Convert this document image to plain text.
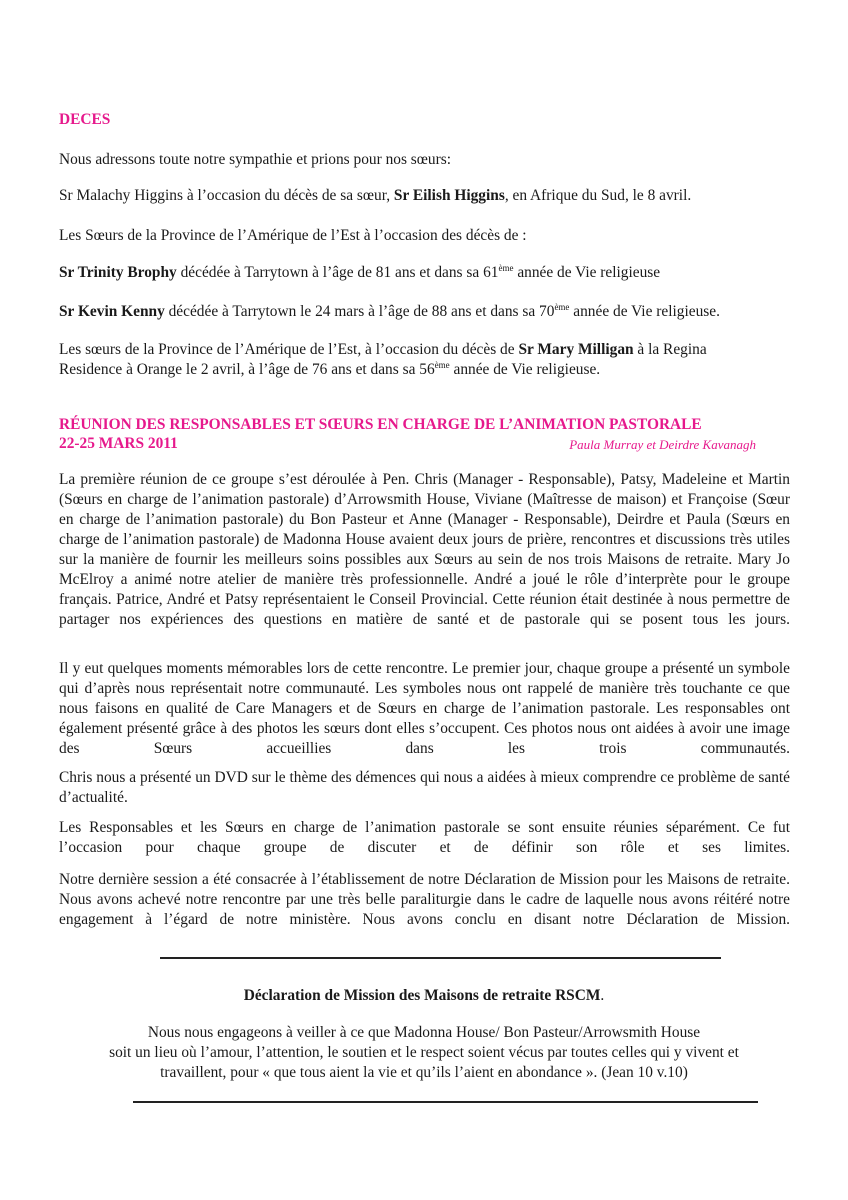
DECES
Nous adressons toute notre sympathie et prions pour nos sœurs:
Sr Malachy Higgins à l’occasion du décès de sa sœur, Sr Eilish Higgins, en Afrique du Sud, le 8 avril.
Les Sœurs de la Province de l’Amérique de l’Est à l’occasion des décès de :
Sr Trinity Brophy décédée à Tarrytown à l’âge de 81 ans et dans sa 61ème année de Vie religieuse
Sr Kevin Kenny décédée à Tarrytown le 24 mars à l’âge de 88 ans et dans sa 70ème année de Vie religieuse.
Les sœurs de la Province de l’Amérique de l’Est, à l’occasion du décès de Sr Mary Milligan à la Regina
Residence à Orange le 2 avril, à l’âge de 76 ans et dans sa 56ème année de Vie religieuse.
RÉUNION DES RESPONSABLES ET SŒURS EN CHARGE DE L’ANIMATION PASTORALE
22-25 MARS 2011	Paula Murray et Deirdre Kavanagh
La première réunion de ce groupe s’est déroulée à Pen. Chris (Manager - Responsable), Patsy, Madeleine et Martin (Sœurs en charge de l’animation pastorale) d’Arrowsmith House, Viviane (Maîtresse de maison) et Françoise (Sœur en charge de l’animation pastorale) du Bon Pasteur et Anne (Manager - Responsable), Deirdre et Paula (Sœurs en charge de l’animation pastorale) de Madonna House avaient deux jours de prière, rencontres et discussions très utiles sur la manière de fournir les meilleurs soins possibles aux Sœurs au sein de nos trois Maisons de retraite. Mary Jo McElroy a animé notre atelier de manière très professionnelle. André a joué le rôle d’interprète pour le groupe français. Patrice, André et Patsy représentaient le Conseil Provincial. Cette réunion était destinée à nous permettre de partager nos expériences des questions en matière de santé et de pastorale qui se posent tous les jours.
Il y eut quelques moments mémorables lors de cette rencontre. Le premier jour, chaque groupe a présenté un symbole qui d’après nous représentait notre communauté. Les symboles nous ont rappelé de manière très touchante ce que nous faisons en qualité de Care Managers et de Sœurs en charge de l’animation pastorale. Les responsables ont également présenté grâce à des photos les sœurs dont elles s’occupent. Ces photos nous ont aidées à avoir une image des Sœurs accueillies dans les trois communautés.
Chris nous a présenté un DVD sur le thème des démences qui nous a aidées à mieux comprendre ce problème de santé d’actualité.
Les Responsables et les Sœurs en charge de l’animation pastorale se sont ensuite réunies séparément. Ce fut l’occasion pour chaque groupe de discuter et de définir son rôle et ses limites.
Notre dernière session a été consacrée à l’établissement de notre Déclaration de Mission pour les Maisons de retraite. Nous avons achevé notre rencontre par une très belle paraliturgie dans le cadre de laquelle nous avons réitéré notre engagement à l’égard de notre ministère. Nous avons conclu en disant notre Déclaration de Mission.
Déclaration de Mission des Maisons de retraite RSCM.
Nous nous engageons à veiller à ce que Madonna House/ Bon Pasteur/Arrowsmith House
soit un lieu où l’amour, l’attention, le soutien et le respect soient vécus par toutes celles qui y vivent et
travaillent, pour « que tous aient la vie et qu’ils l’aient en abondance ». (Jean 10 v.10)
